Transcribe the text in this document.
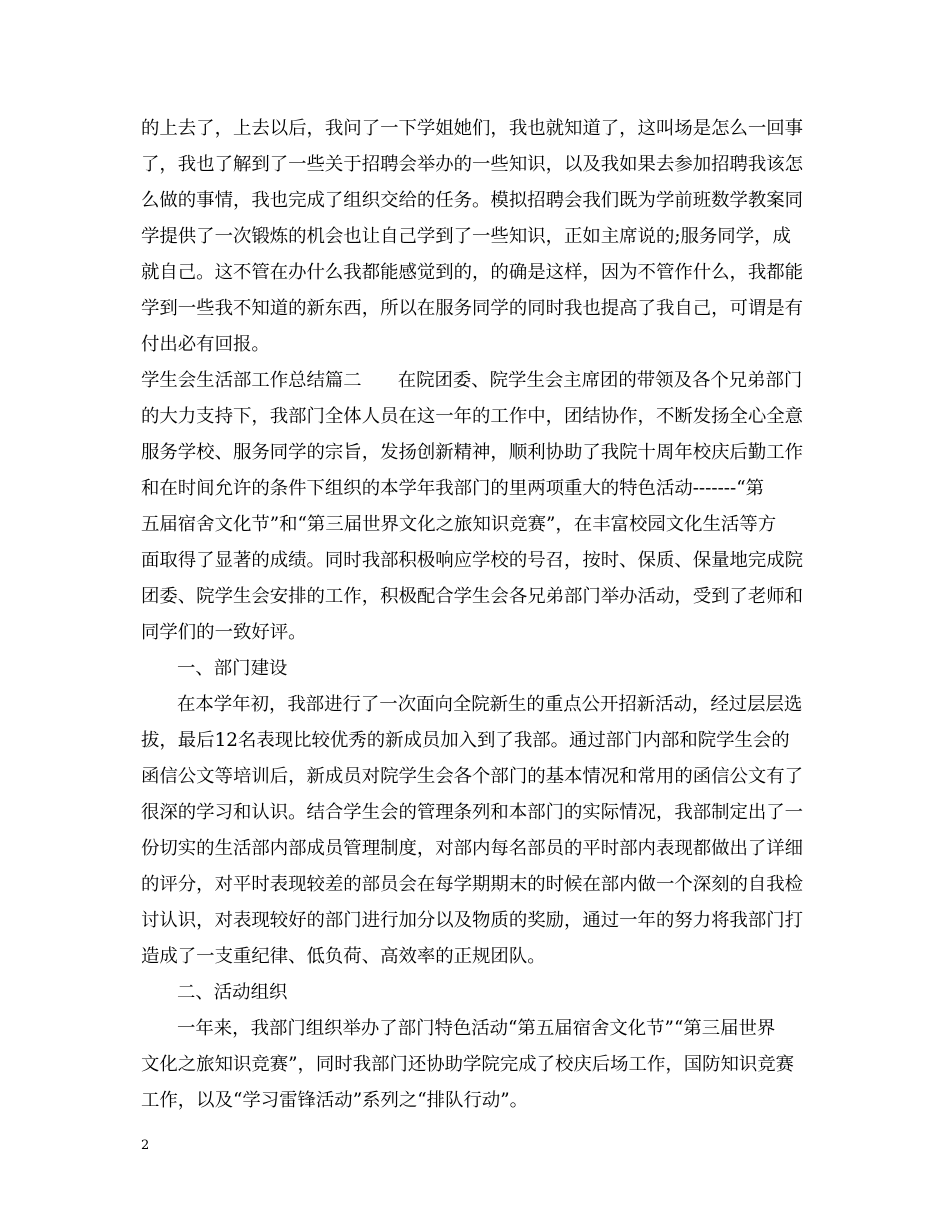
的上去了，上去以后，我问了一下学姐她们，我也就知道了，这叫场是怎么一回事
了，我也了解到了一些关于招聘会举办的一些知识，以及我如果去参加招聘我该怎
么做的事情，我也完成了组织交给的任务。模拟招聘会我们既为学前班数学教案同
学提供了一次锻炼的机会也让自己学到了一些知识，正如主席说的;服务同学，成
就自己。这不管在办什么我都能感觉到的，的确是这样，因为不管作什么，我都能
学到一些我不知道的新东西，所以在服务同学的同时我也提高了我自己，可谓是有
付出必有回报。
学生会生活部工作总结篇二 在院团委、院学生会主席团的带领及各个兄弟部门
的大力支持下，我部门全体人员在这一年的工作中，团结协作，不断发扬全心全意
服务学校、服务同学的宗旨，发扬创新精神，顺利协助了我院十周年校庆后勤工作
和在时间允许的条件下组织的本学年我部门的里两项重大的特色活动-------“第
五届宿舍文化节”和“第三届世界文化之旅知识竞赛”，在丰富校园文化生活等方
面取得了显著的成绩。同时我部积极响应学校的号召，按时、保质、保量地完成院
团委、院学生会安排的工作，积极配合学生会各兄弟部门举办活动，受到了老师和
同学们的一致好评。
一、部门建设
在本学年初，我部进行了一次面向全院新生的重点公开招新活动，经过层层选
拔，最后12名表现比较优秀的新成员加入到了我部。通过部门内部和院学生会的
函信公文等培训后，新成员对院学生会各个部门的基本情况和常用的函信公文有了
很深的学习和认识。结合学生会的管理条列和本部门的实际情况，我部制定出了一
份切实的生活部内部成员管理制度，对部内每名部员的平时部内表现都做出了详细
的评分，对平时表现较差的部员会在每学期期末的时候在部内做一个深刻的自我检
讨认识，对表现较好的部门进行加分以及物质的奖励，通过一年的努力将我部门打
造成了一支重纪律、低负荷、高效率的正规团队。
二、活动组织
一年来，我部门组织举办了部门特色活动“第五届宿舍文化节”“第三届世界
文化之旅知识竞赛”，同时我部门还协助学院完成了校庆后场工作，国防知识竞赛
工作，以及“学习雷锋活动”系列之“排队行动”。
2
